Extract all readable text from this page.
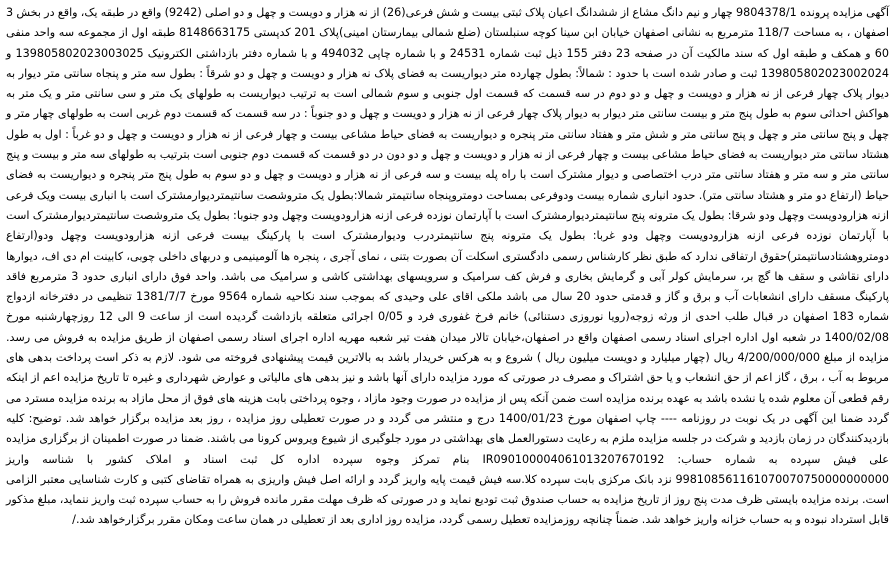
آگهی مزایده پرونده 9804378/1 چهار و نیم دانگ مشاع از ششدانگ اعیان پلاک ثبتی بیست و شش فرعی(26) از نه هزار و دویست و چهل و دو اصلی (9242) واقع در طبقه یک، واقع در بخش 3 اصفهان ، به مساحت 118/7 مترمربع به نشانی اصفهان خیابان ابن سینا کوچه سنبلستان (ضلع شمالی بیمارستان امینی)پلاک 201 کدپستی 8148663175 طبقه اول از مجموعه سه واحد منفی 60 و همکف و طبقه اول که سند مالکیت آن در صفحه 23 دفتر 155 ذیل ثبت شماره 24531 و با شماره چاپی 494032 و با شماره دفتر بازداشتی الکترونیک 139805802023003025 و 139805802023002024 ثبت و صادر شده است با حدود : شمالاً: بطول چهارده متر دیواریست به فضای پلاک نه هزار و دویست و چهل و دو شرقاً : بطول سه متر و پنجاه سانتی متر دیوار به دیوار پلاک چهار فرعی از نه هزار و دویست و چهل و دو دوم در سه قسمت که قسمت اول جنوبی و سوم شمالی است به ترتیب دیواریست به طولهای یک متر و سی سانتی متر و یک متر به هواکش احداثی سوم به طول پنج متر و بیست سانتی متر دیوار به دیوار پلاک چهار فرعی از نه هزار و دویست و چهل و دو جنوباً : در سه قسمت که قسمت دوم غربی است به طولهای چهار متر و چهل و پنج سانتی متر و چهل و پنج سانتی متر و شش متر و هفتاد سانتی متر پنجره و دیواریست به فضای حیاط مشاعی بیست و چهار فرعی از نه هزار و دویست و چهل و دو غرباً : اول به طول هشتاد سانتی متر دیواریست به فضای حیاط مشاعی بیست و چهار فرعی از نه هزار و دویست و چهل و دو دون در دو قسمت که قسمت دوم جنوبی است بترتیب به طولهای سه متر و بیست و پنج سانتی متر و سه متر و هفتاد سانتی متر درب اختصاصی و دیوار مشترک است با راه پله بیست و سه فرعی از نه هزار و دویست و چهل و دو سوم به طول پنج متر پنجره و دیواریست به فضای حیاط (ارتفاع دو متر و هشتاد سانتی متر). حدود انباری شماره بیست ودوفرعی بمساحت دومتروپنجاه سانتیمتر شمالا:بطول یک متروشصت سانتیمتردیوارمشترک است با انباری بیست ویک فرعی ازنه هزارودویست وچهل ودو شرقا: بطول یک مترونه پنج سانتیمتردیوارمشترک است با آپارتمان نوزده فرعی ازنه هزارودویست وچهل ودو جنوبا: بطول یک متروشصت سانتیمتردیوارمشترک است با آپارتمان نوزده فرعی ازنه هزارودویست وچهل ودو غربا: بطول یک مترونه پنج سانتیمتردرب ودیوارمشترک است با پارکینگ بیست فرعی ازنه هزارودویست وچهل ودو(ارتفاع دومتروهشتادسانتیمتر)حقوق ارتفاقی ندارد که طبق نظر کارشناس رسمی دادگستری اسکلت آن بصورت بتنی ، نمای آجری ، پنجره ها آلومینیمی و دربهای داخلی چوبی، کابینت ام دی اف، دیوارها دارای نقاشی و سقف ها گچ بر، سرمایش کولر آبی و گرمایش بخاری و فرش کف سرامیک و سرویسهای بهداشتی کاشی و سرامیک می باشد. واحد فوق دارای انباری حدود 3 مترمربع فاقد پارکینگ مسقف دارای انشعابات آب و برق و گاز و قدمتی حدود 20 سال می باشد ملکی اقای علی وحیدی که بموجب سند نکاحیه شماره 9564 مورخ 1381/7/7 تنظیمی در دفترخانه ازدواج شماره 183 اصفهان در قبال طلب احدی از ورثه زوجه(رویا نوروزی دستنائی) خانم فرخ غفوری فرد و 0/05 اجرائی متعلقه بازداشت گردیده است از ساعت 9 الی 12 روزچهارشنبه مورخ 1400/02/08 در شعبه اول اداره اجرای اسناد رسمی اصفهان واقع در اصفهان،خیابان تالار میدان هفت تیر شعبه مهریه اداره اجرای اسناد رسمی اصفهان از طریق مزایده به فروش می رسد. مزایده از مبلغ 4/200/000/000 ریال (چهار میلیارد و دویست میلیون ریال ) شروع و به هرکس خریدار باشد به بالاترین قیمت پیشنهادی فروخته می شود. لازم به ذکر است پرداخت بدهی های مربوط به آب ، برق ، گاز اعم از حق انشعاب و یا حق اشتراک و مصرف در صورتی که مورد مزایده دارای آنها باشد و نیز بدهی های مالیاتی و عوارض شهرداری و غیره تا تاریخ مزایده اعم از اینکه رقم قطعی آن معلوم شده یا نشده باشد به عهده برنده مزایده است ضمن آنکه پس از مزایده در صورت وجود مازاد ، وجوه پرداختی بابت هزینه های فوق از محل مازاد به برنده مزایده مسترد می گردد ضمنا این آگهی در یک نوبت در روزنامه ---- چاپ اصفهان مورخ 1400/01/23 درج و منتشر می گردد و در صورت تعطیلی روز مزایده ، روز بعد مزایده برگزار خواهد شد. توضیح: کلیه بازدیدکنندگان در زمان بازدید و شرکت در جلسه مزایده ملزم به رعایت دستورالعمل های بهداشتی در مورد جلوگیری از شیوع ویروس کرونا می باشند. ضمنا در صورت اطمینان از برگزاری مزایده علی فیش سپرده به شماره حساب: IR090100004061013207670192 بنام تمرکز وجوه سپرده اداره کل ثبت اسناد و املاک کشور با شناسه واریز 998108561161070070750000000000 نزد بانک مرکزی بابت سپرده کلا.سه فیش قیمت پایه واریز گردد و ارائه اصل فیش واریزی به همراه تقاضای کتبی و کارت شناسایی معتبر الزامی است. برنده مزایده بایستی ظرف مدت پنج روز از تاریخ مزایده به حساب صندوق ثبت تودیع نماید و در صورتی که ظرف مهلت مقرر مانده فروش را به حساب سپرده ثبت واریز ننماید، مبلغ مذکور قابل استرداد نبوده و به حساب خزانه واریز خواهد شد. ضمناً چنانچه روزمزایده تعطیل رسمی گردد، مزایده روز اداری بعد از تعطیلی در همان ساعت ومکان مقرر برگزارخواهد شد./
